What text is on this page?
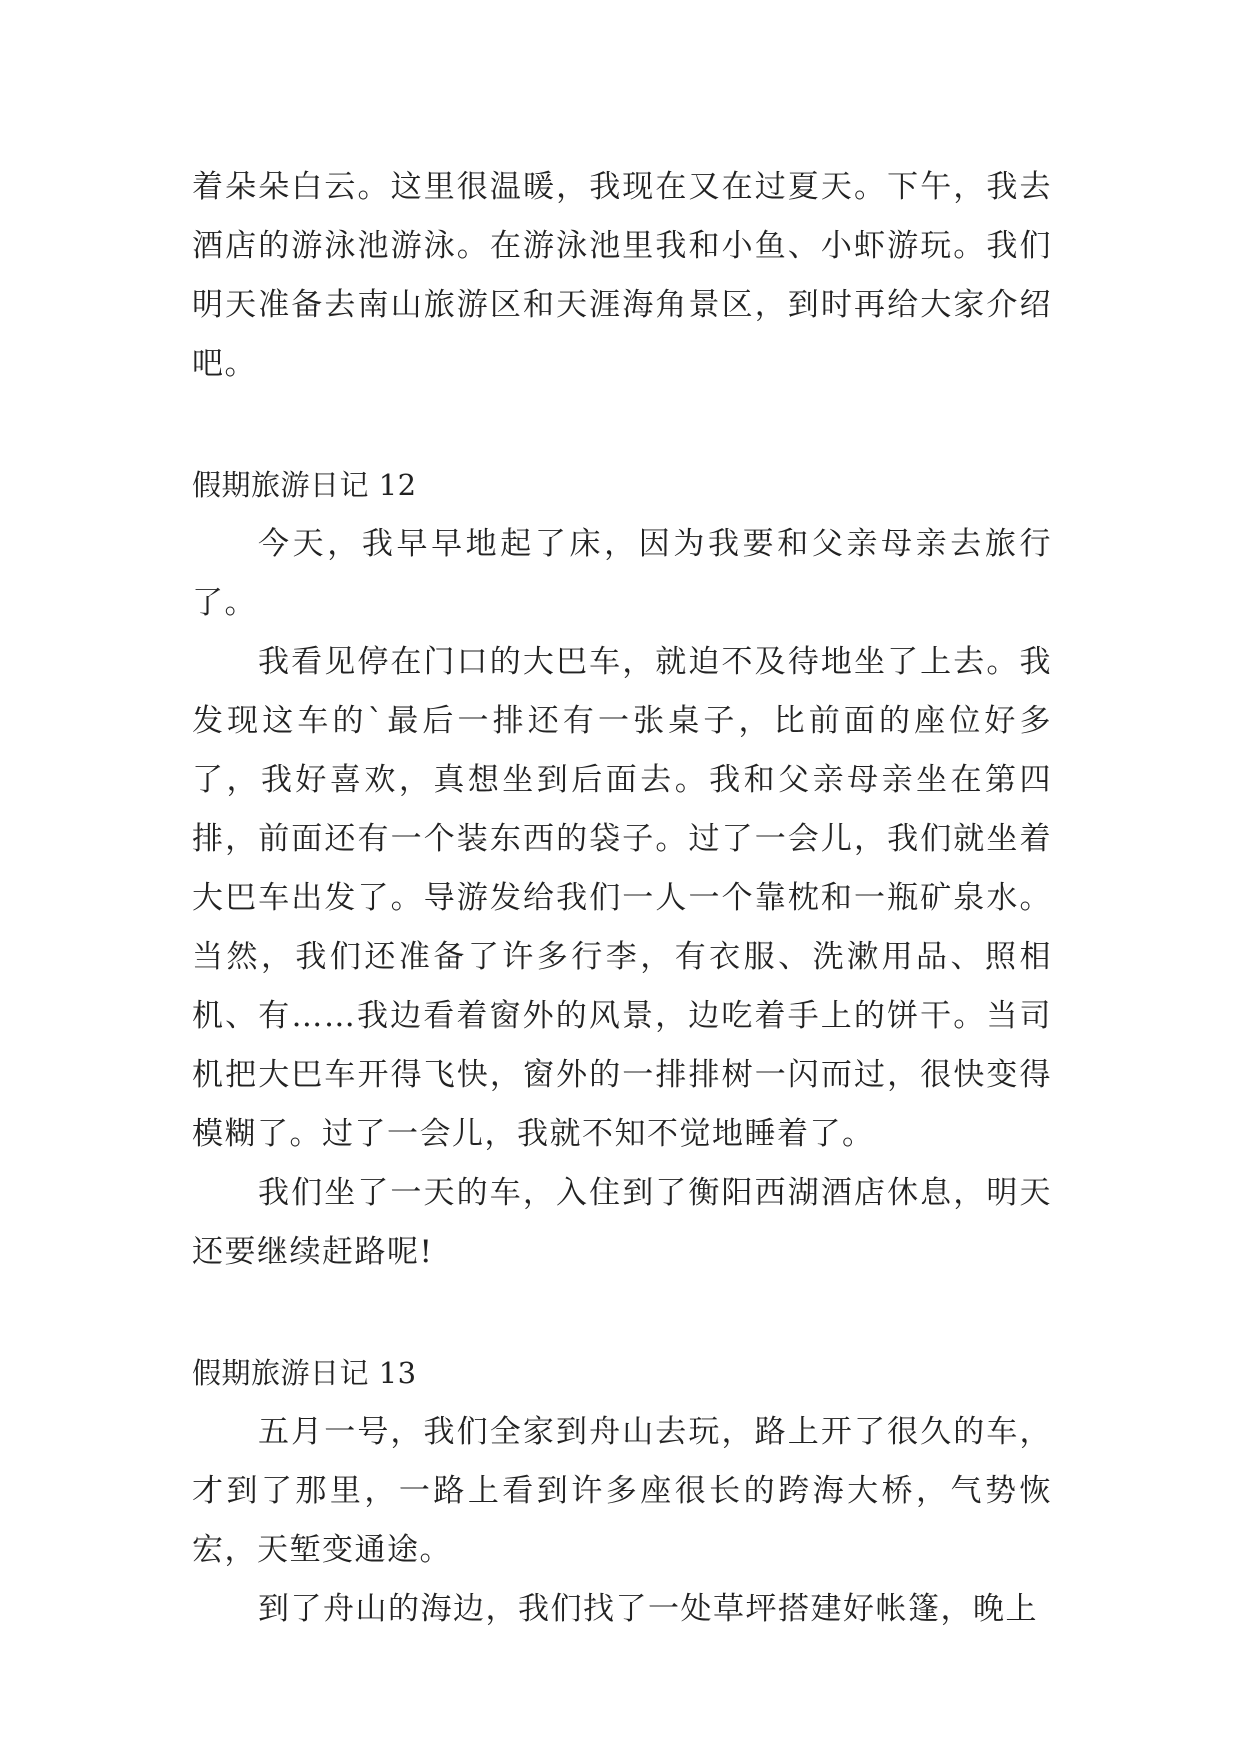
着朵朵白云。这里很温暖，我现在又在过夏天。下午，我去酒店的游泳池游泳。在游泳池里我和小鱼、小虾游玩。我们明天准备去南山旅游区和天涯海角景区，到时再给大家介绍吧。

假期旅游日记 12

今天，我早早地起了床，因为我要和父亲母亲去旅行了。

我看见停在门口的大巴车，就迫不及待地坐了上去。我发现这车的`最后一排还有一张桌子，比前面的座位好多了，我好喜欢，真想坐到后面去。我和父亲母亲坐在第四排，前面还有一个装东西的袋子。过了一会儿，我们就坐着大巴车出发了。导游发给我们一人一个靠枕和一瓶矿泉水。当然，我们还准备了许多行李，有衣服、洗漱用品、照相机、有……我边看着窗外的风景，边吃着手上的饼干。当司机把大巴车开得飞快，窗外的一排排树一闪而过，很快变得模糊了。过了一会儿，我就不知不觉地睡着了。

我们坐了一天的车，入住到了衡阳西湖酒店休息，明天还要继续赶路呢!

假期旅游日记 13

五月一号，我们全家到舟山去玩，路上开了很久的车，才到了那里，一路上看到许多座很长的跨海大桥，气势恢宏，天堑变通途。

到了舟山的海边，我们找了一处草坪搭建好帐篷，晚上
